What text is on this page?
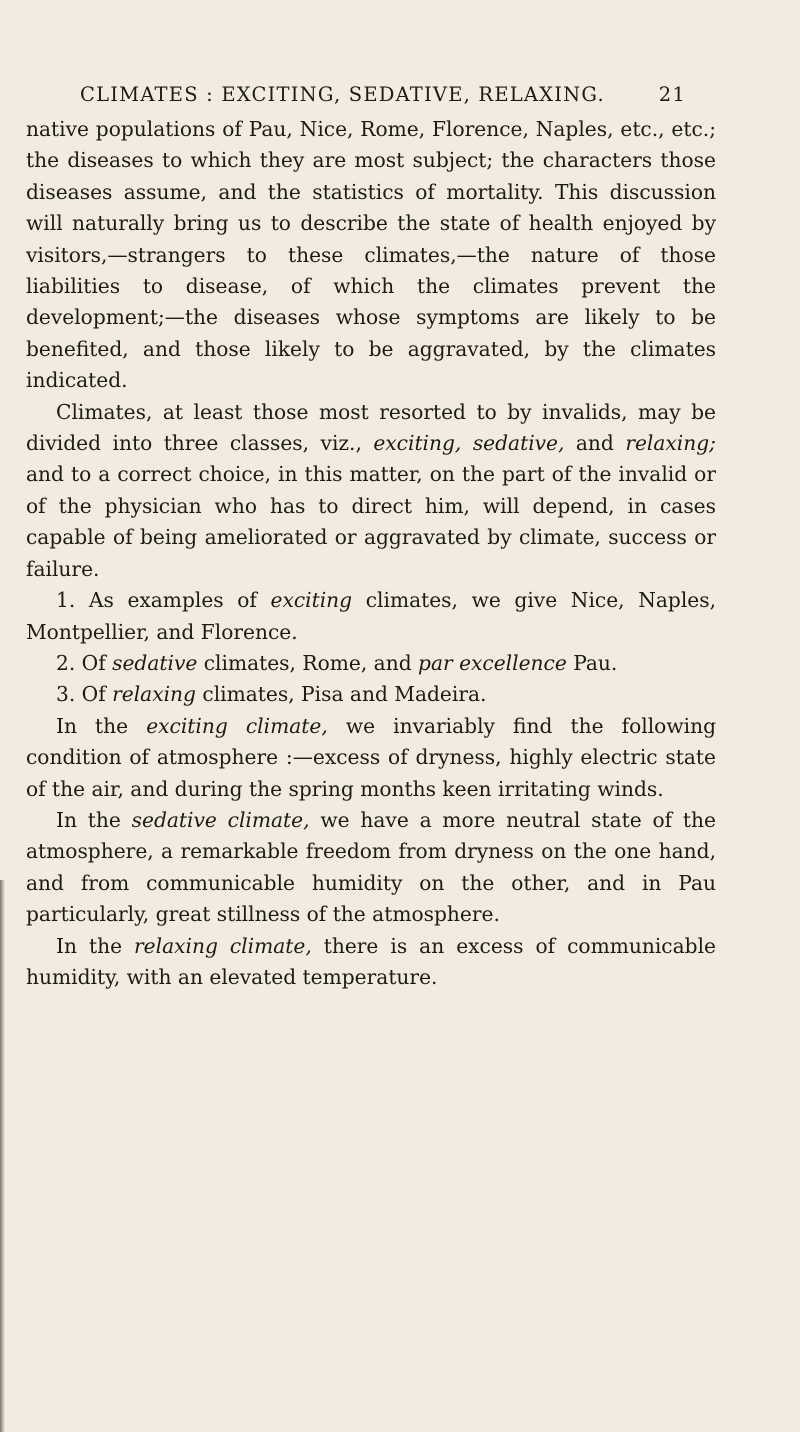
CLIMATES : EXCITING, SEDATIVE, RELAXING.	21

native populations of Pau, Nice, Rome, Florence, Naples, etc., etc.; the diseases to which they are most subject; the characters those diseases assume, and the statistics of mortality. This discussion will naturally bring us to describe the state of health enjoyed by visitors,—strangers to these climates,—the nature of those liabilities to disease, of which the climates prevent the development;—the diseases whose symptoms are likely to be benefited, and those likely to be aggravated, by the climates indicated.

Climates, at least those most resorted to by invalids, may be divided into three classes, viz., exciting, sedative, and relaxing; and to a correct choice, in this matter, on the part of the invalid or of the physician who has to direct him, will depend, in cases capable of being ameliorated or aggravated by climate, success or failure.

1. As examples of exciting climates, we give Nice, Naples, Montpellier, and Florence.

2. Of sedative climates, Rome, and par excellence Pau.

3. Of relaxing climates, Pisa and Madeira.

In the exciting climate, we invariably find the following condition of atmosphere :—excess of dryness, highly electric state of the air, and during the spring months keen irritating winds.

In the sedative climate, we have a more neutral state of the atmosphere, a remarkable freedom from dryness on the one hand, and from communicable humidity on the other, and in Pau particularly, great stillness of the atmosphere.

In the relaxing climate, there is an excess of communicable humidity, with an elevated temperature.
